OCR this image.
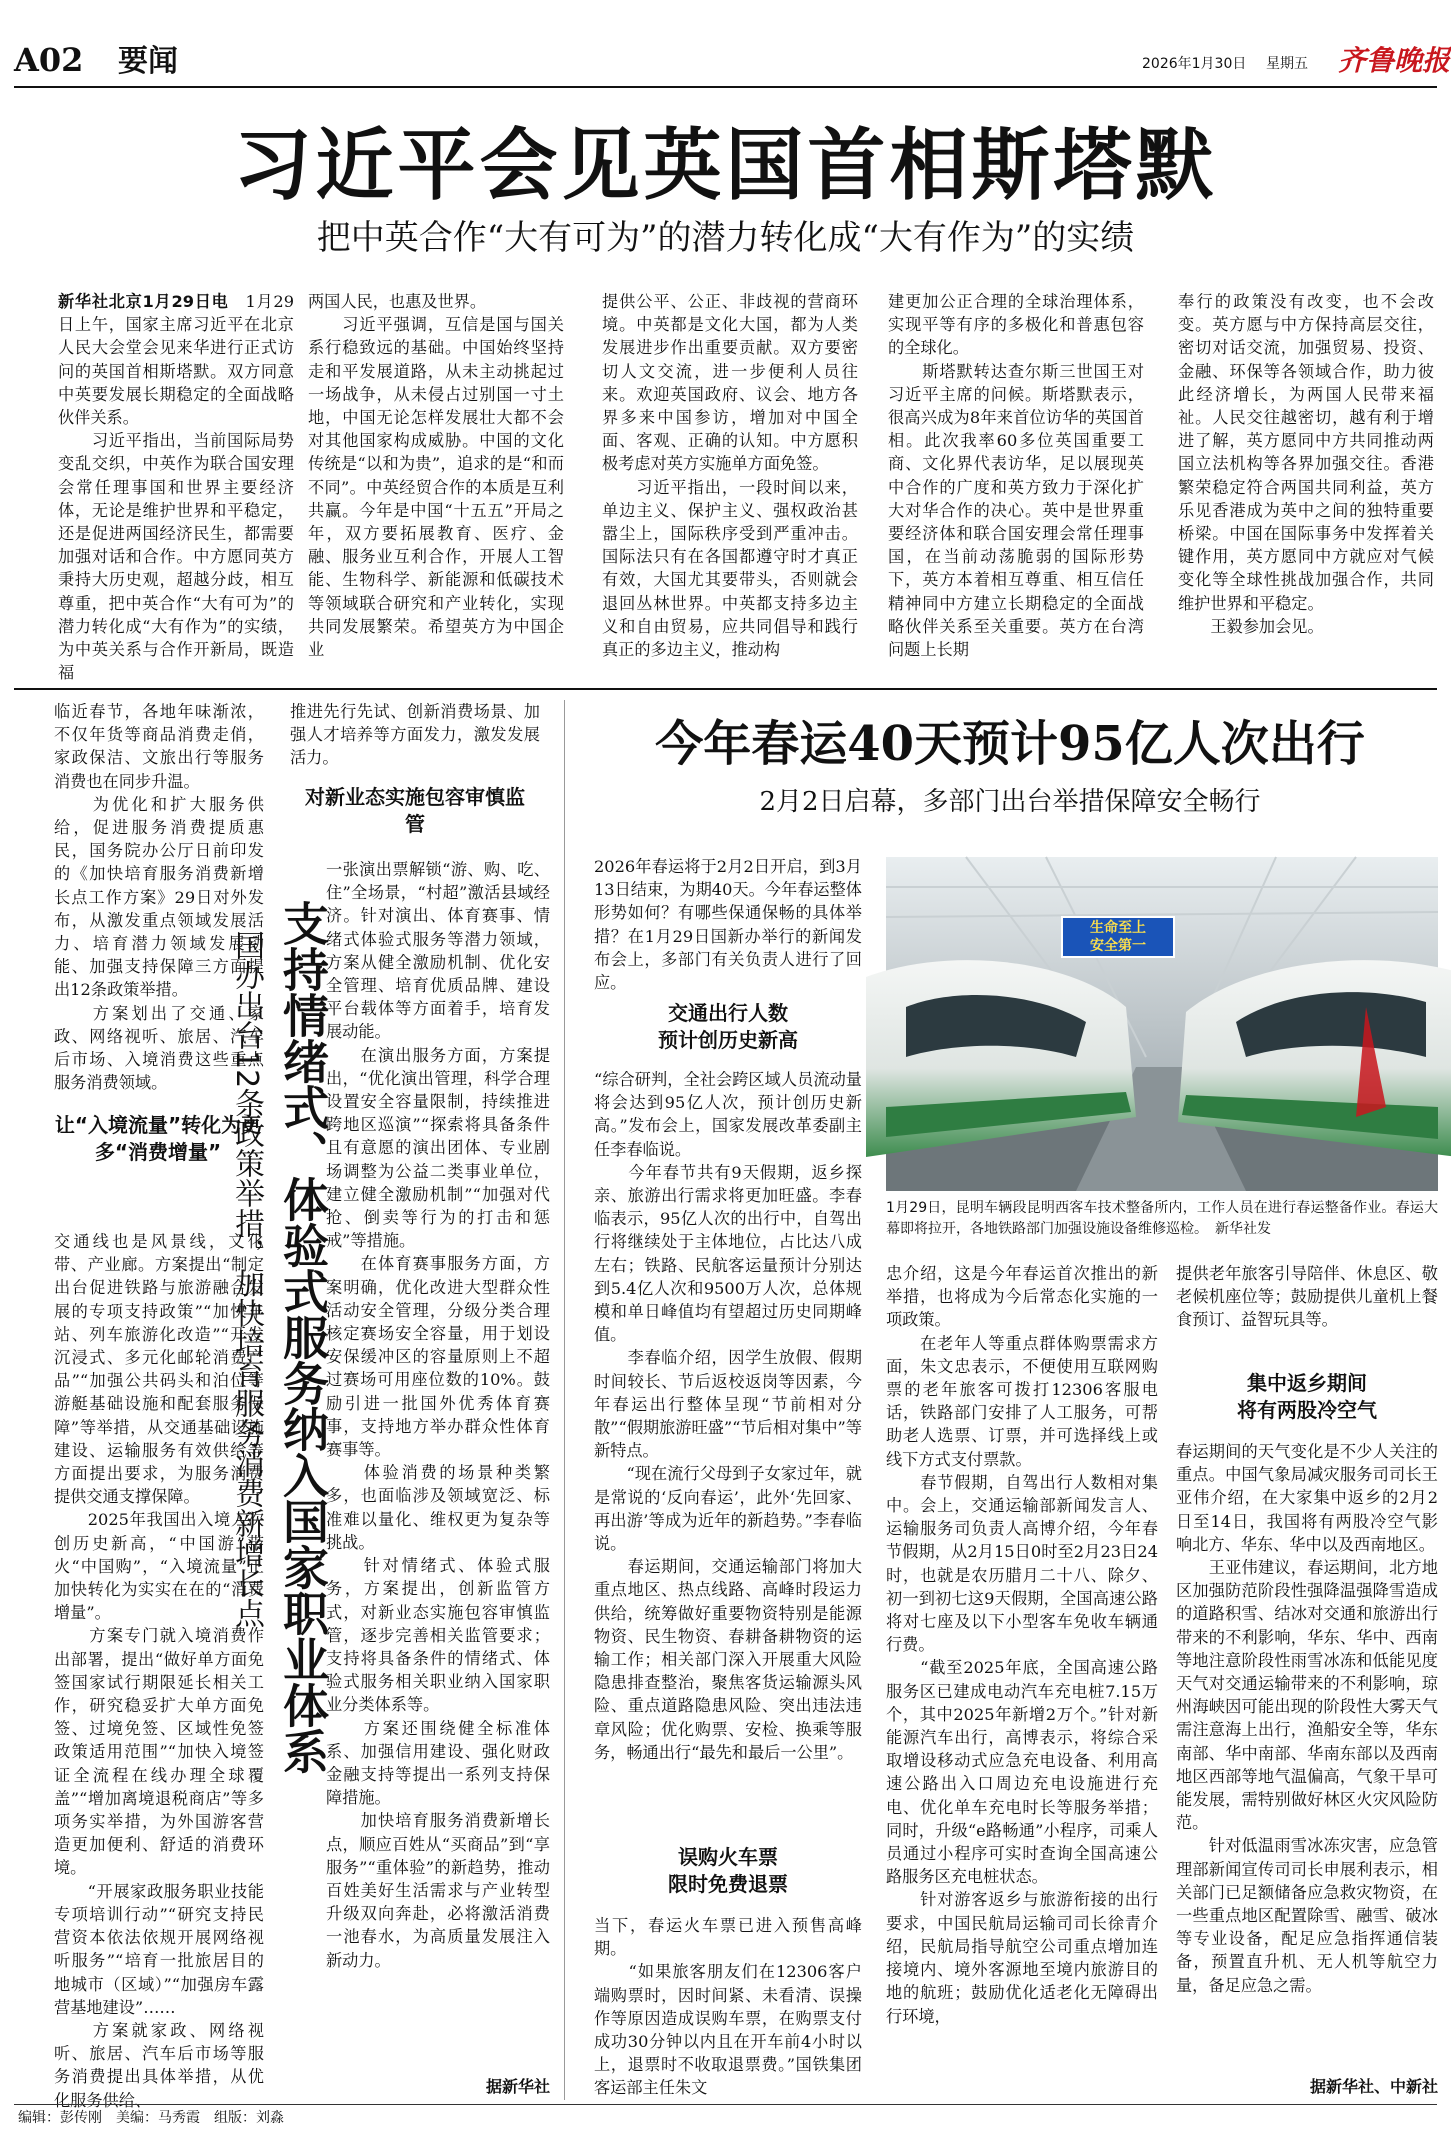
A02 要闻	2026年1月30日 星期五 齐鲁晚报
习近平会见英国首相斯塔默
把中英合作“大有可为”的潜力转化成“大有作为”的实绩
新华社北京1月29日电　 1月29日上午，国家主席习近平在北京人民大会堂会见来华进行正式访问的英国首相斯塔默。双方同意中英要发展长期稳定的全面战略伙伴关系。
　　习近平指出，当前国际局势变乱交织，中英作为联合国安理会常任理事国和世界主要经济体，无论是维护世界和平稳定，还是促进两国经济民生，都需要加强对话和合作。中方愿同英方秉持大历史观，超越分歧，相互尊重，把中英合作“大有可为”的潜力转化成“大有作为”的实绩，为中英关系与合作开新局，既造福
两国人民，也惠及世界。
　　习近平强调，互信是国与国关系行稳致远的基础。中国始终坚持走和平发展道路，从未主动挑起过一场战争，从未侵占过别国一寸土地，中国无论怎样发展壮大都不会对其他国家构成威胁。中国的文化传统是“以和为贵”，追求的是“和而不同”。中英经贸合作的本质是互利共赢。今年是中国“十五五”开局之年，双方要拓展教育、医疗、金融、服务业互利合作，开展人工智能、生物科学、新能源和低碳技术等领域联合研究和产业转化，实现共同发展繁荣。希望英方为中国企业
提供公平、公正、非歧视的营商环境。中英都是文化大国，都为人类发展进步作出重要贡献。双方要密切人文交流，进一步便利人员往来。欢迎英国政府、议会、地方各界多来中国参访，增加对中国全面、客观、正确的认知。中方愿积极考虑对英方实施单方面免签。
　　习近平指出，一段时间以来，单边主义、保护主义、强权政治甚嚣尘上，国际秩序受到严重冲击。国际法只有在各国都遵守时才真正有效，大国尤其要带头，否则就会退回丛林世界。中英都支持多边主义和自由贸易，应共同倡导和践行真正的多边主义，推动构
建更加公正合理的全球治理体系，实现平等有序的多极化和普惠包容的全球化。
　　斯塔默转达查尔斯三世国王对习近平主席的问候。斯塔默表示，很高兴成为8年来首位访华的英国首相。此次我率60多位英国重要工商、文化界代表访华，足以展现英中合作的广度和英方致力于深化扩大对华合作的决心。英中是世界重要经济体和联合国安理会常任理事国，在当前动荡脆弱的国际形势下，英方本着相互尊重、相互信任精神同中方建立长期稳定的全面战略伙伴关系至关重要。英方在台湾问题上长期
奉行的政策没有改变，也不会改变。英方愿与中方保持高层交往，密切对话交流，加强贸易、投资、金融、环保等各领域合作，助力彼此经济增长，为两国人民带来福祉。人民交往越密切，越有利于增进了解，英方愿同中方共同推动两国立法机构等各界加强交往。香港繁荣稳定符合两国共同利益，英方乐见香港成为英中之间的独特重要桥梁。中国在国际事务中发挥着关键作用，英方愿同中方就应对气候变化等全球性挑战加强合作，共同维护世界和平稳定。
　　王毅参加会见。
临近春节，各地年味渐浓，不仅年货等商品消费走俏，家政保洁、文旅出行等服务消费也在同步升温。
　　为优化和扩大服务供给，促进服务消费提质惠民，国务院办公厅日前印发的《加快培育服务消费新增长点工作方案》29日对外发布，从激发重点领域发展活力、培育潜力领域发展动能、加强支持保障三方面提出12条政策举措。
　　方案划出了交通、家政、网络视听、旅居、汽车后市场、入境消费这些重点服务消费领域。
让“入境流量”转化为更多“消费增量”
交通线也是风景线，文化带、产业廊。方案提出“制定出台促进铁路与旅游融合发展的专项支持政策”“加快车站、列车旅游化改造”“开发沉浸式、多元化邮轮消费产品”“加强公共码头和泊位等游艇基础设施和配套服务保障”等举措，从交通基础设施建设、运输服务有效供给等方面提出要求，为服务消费提供交通支撑保障。
　　2025年我国出入境人次创历史新高，“中国游”带火“中国购”，“入境流量”正加快转化为实实在在的“消费增量”。
　　方案专门就入境消费作出部署，提出“做好单方面免签国家试行期限延长相关工作，研究稳妥扩大单方面免签、过境免签、区域性免签政策适用范围”“加快入境签证全流程在线办理全球覆盖”“增加离境退税商店”等多项务实举措，为外国游客营造更加便利、舒适的消费环境。
　　“开展家政服务职业技能专项培训行动”“研究支持民营资本依法依规开展网络视听服务”“培育一批旅居目的地城市（区域）”“加强房车露营基地建设”……
　　方案就家政、网络视听、旅居、汽车后市场等服务消费提出具体举措，从优化服务供给、
国办出台12条政策举措，加快培育服务消费新增长点 支持情绪式、体验式服务纳入国家职业体系
推进先行先试、创新消费场景、加强人才培养等方面发力，激发发展活力。
对新业态实施包容审慎监管
一张演出票解锁“游、购、吃、住”全场景，“村超”激活县域经济。针对演出、体育赛事、情绪式体验式服务等潜力领域，方案从健全激励机制、优化安全管理、培育优质品牌、建设平台载体等方面着手，培育发展动能。
　　在演出服务方面，方案提出，“优化演出管理，科学合理设置安全容量限制，持续推进跨地区巡演”“探索将具备条件且有意愿的演出团体、专业剧场调整为公益二类事业单位，建立健全激励机制”“加强对代抢、倒卖等行为的打击和惩戒”等措施。
　　在体育赛事服务方面，方案明确，优化改进大型群众性活动安全管理，分级分类合理核定赛场安全容量，用于划设安保缓冲区的容量原则上不超过赛场可用座位数的10%。鼓励引进一批国外优秀体育赛事，支持地方举办群众性体育赛事等。
　　体验消费的场景种类繁多，也面临涉及领域宽泛、标准难以量化、维权更为复杂等挑战。
　　针对情绪式、体验式服务，方案提出，创新监管方式，对新业态实施包容审慎监管，逐步完善相关监管要求；支持将具备条件的情绪式、体验式服务相关职业纳入国家职业分类体系等。
　　方案还围绕健全标准体系、加强信用建设、强化财政金融支持等提出一系列支持保障措施。
　　加快培育服务消费新增长点，顺应百姓从“买商品”到“享服务”“重体验”的新趋势，推动百姓美好生活需求与产业转型升级双向奔赴，必将激活消费一池春水，为高质量发展注入新动力。
据新华社
今年春运40天预计95亿人次出行
2月2日启幕，多部门出台举措保障安全畅行
2026年春运将于2月2日开启，到3月13日结束，为期40天。今年春运整体形势如何？有哪些保通保畅的具体举措？在1月29日国新办举行的新闻发布会上，多部门有关负责人进行了回应。
交通出行人数
预计创历史新高
“综合研判，全社会跨区域人员流动量将会达到95亿人次，预计创历史新高。”发布会上，国家发展改革委副主任李春临说。
　　今年春节共有9天假期，返乡探亲、旅游出行需求将更加旺盛。李春临表示，95亿人次的出行中，自驾出行将继续处于主体地位，占比达八成左右；铁路、民航客运量预计分别达到5.4亿人次和9500万人次，总体规模和单日峰值均有望超过历史同期峰值。
　　李春临介绍，因学生放假、假期时间较长、节后返校返岗等因素，今年春运出行整体呈现“节前相对分散”“假期旅游旺盛”“节后相对集中”等新特点。
　　“现在流行父母到子女家过年，就是常说的‘反向春运’，此外‘先回家、再出游’等成为近年的新趋势。”李春临说。
　　春运期间，交通运输部门将加大重点地区、热点线路、高峰时段运力供给，统筹做好重要物资特别是能源物资、民生物资、春耕备耕物资的运输工作；相关部门深入开展重大风险隐患排查整治，聚焦客货运输源头风险、重点道路隐患风险、突出违法违章风险；优化购票、安检、换乘等服务，畅通出行“最先和最后一公里”。
误购火车票
限时免费退票
当下，春运火车票已进入预售高峰期。
　　“如果旅客朋友们在12306客户端购票时，因时间紧、未看清、误操作等原因造成误购车票，在购票支付成功30分钟以内且在开车前4小时以上，退票时不收取退票费。”国铁集团客运部主任朱文
生命至上
安全第一
1月29日，昆明车辆段昆明西客车技术整备所内，工作人员在进行春运整备作业。春运大幕即将拉开，各地铁路部门加强设施设备维修巡检。　新华社发
忠介绍，这是今年春运首次推出的新举措，也将成为今后常态化实施的一项政策。
　　在老年人等重点群体购票需求方面，朱文忠表示，不便使用互联网购票的老年旅客可拨打12306客服电话，铁路部门安排了人工服务，可帮助老人选票、订票，并可选择线上或线下方式支付票款。
　　春节假期，自驾出行人数相对集中。会上，交通运输部新闻发言人、运输服务司负责人高博介绍，今年春节假期，从2月15日0时至2月23日24时，也就是农历腊月二十八、除夕、初一到初七这9天假期，全国高速公路将对七座及以下小型客车免收车辆通行费。
　　“截至2025年底，全国高速公路服务区已建成电动汽车充电桩7.15万个，其中2025年新增2万个。”针对新能源汽车出行，高博表示，将综合采取增设移动式应急充电设备、利用高速公路出入口周边充电设施进行充电、优化单车充电时长等服务举措；同时，升级“e路畅通”小程序，司乘人员通过小程序可实时查询全国高速公路服务区充电桩状态。
　　针对游客返乡与旅游衔接的出行要求，中国民航局运输司司长徐青介绍，民航局指导航空公司重点增加连接境内、境外客源地至境内旅游目的地的航班；鼓励优化适老化无障碍出行环境，
提供老年旅客引导陪伴、休息区、敬老候机座位等；鼓励提供儿童机上餐食预订、益智玩具等。
集中返乡期间
将有两股冷空气
春运期间的天气变化是不少人关注的重点。中国气象局减灾服务司司长王亚伟介绍，在大家集中返乡的2月2日至14日，我国将有两股冷空气影响北方、华东、华中以及西南地区。
　　王亚伟建议，春运期间，北方地区加强防范阶段性强降温强降雪造成的道路积雪、结冰对交通和旅游出行带来的不利影响，华东、华中、西南等地注意阶段性雨雪冰冻和低能见度天气对交通运输带来的不利影响，琼州海峡因可能出现的阶段性大雾天气需注意海上出行，渔船安全等，华东南部、华中南部、华南东部以及西南地区西部等地气温偏高，气象干旱可能发展，需特别做好林区火灾风险防范。
　　针对低温雨雪冰冻灾害，应急管理部新闻宣传司司长申展利表示，相关部门已足额储备应急救灾物资，在一些重点地区配置除雪、融雪、破冰等专业设备，配足应急指挥通信装备，预置直升机、无人机等航空力量，备足应急之需。
据新华社、中新社
编辑：彭传刚　美编：马秀霞　组版：刘淼
